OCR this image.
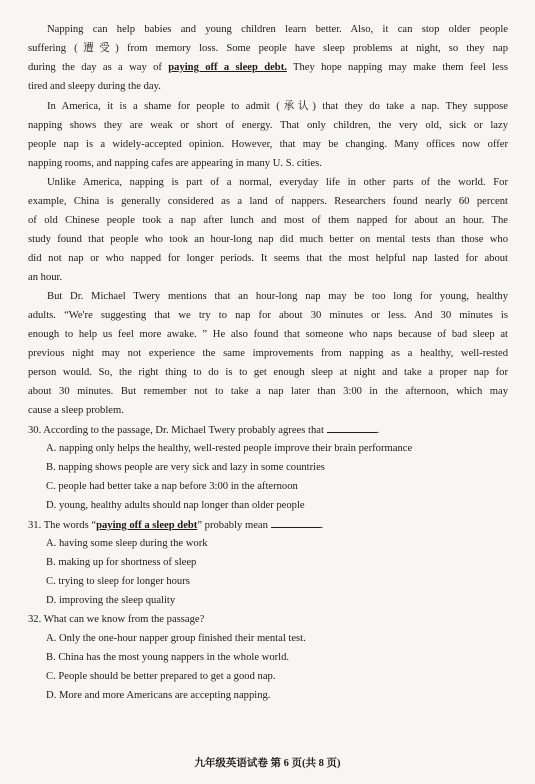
Napping can help babies and young children learn better. Also, it can stop older people
suffering (遭受) from memory loss. Some people have sleep problems at night, so they nap
during the day as a way of paying off a sleep debt. They hope napping may make them feel less
tired and sleepy during the day.
In America, it is a shame for people to admit (承认) that they do take a nap. They suppose
napping shows they are weak or short of energy. That only children, the very old, sick or lazy
people nap is a widely-accepted opinion. However, that may be changing. Many offices now offer
napping rooms, and napping cafes are appearing in many U. S. cities.
Unlike America, napping is part of a normal, everyday life in other parts of the world. For
example, China is generally considered as a land of nappers. Researchers found nearly 60 percent
of old Chinese people took a nap after lunch and most of them napped for about an hour. The
study found that people who took an hour-long nap did much better on mental tests than those who
did not nap or who napped for longer periods. It seems that the most helpful nap lasted for about
an hour.
But Dr. Michael Twery mentions that an hour-long nap may be too long for young, healthy
adults. “We're suggesting that we try to nap for about 30 minutes or less. And 30 minutes is
enough to help us feel more awake. ” He also found that someone who naps because of bad sleep at
previous night may not experience the same improvements from napping as a healthy, well-rested
person would. So, the right thing to do is to get enough sleep at night and take a proper nap for
about 30 minutes. But remember not to take a nap later than 3:00 in the afternoon, which may
cause a sleep problem.
30. According to the passage, Dr. Michael Twery probably agrees that	.
A. napping only helps the healthy, well-rested people improve their brain performance
B. napping shows people are very sick and lazy in some countries
C. people had better take a nap before 3:00 in the afternoon
D. young, healthy adults should nap longer than older people
31. The words “paying off a sleep debt” probably mean	.
A. having some sleep during the work
B. making up for shortness of sleep
C. trying to sleep for longer hours
D. improving the sleep quality
32. What can we know from the passage?
A. Only the one-hour napper group finished their mental test.
B. China has the most young nappers in the whole world.
C. People should be better prepared to get a good nap.
D. More and more Americans are accepting napping.
九年级英语试卷 第 6 页(共 8 页)
